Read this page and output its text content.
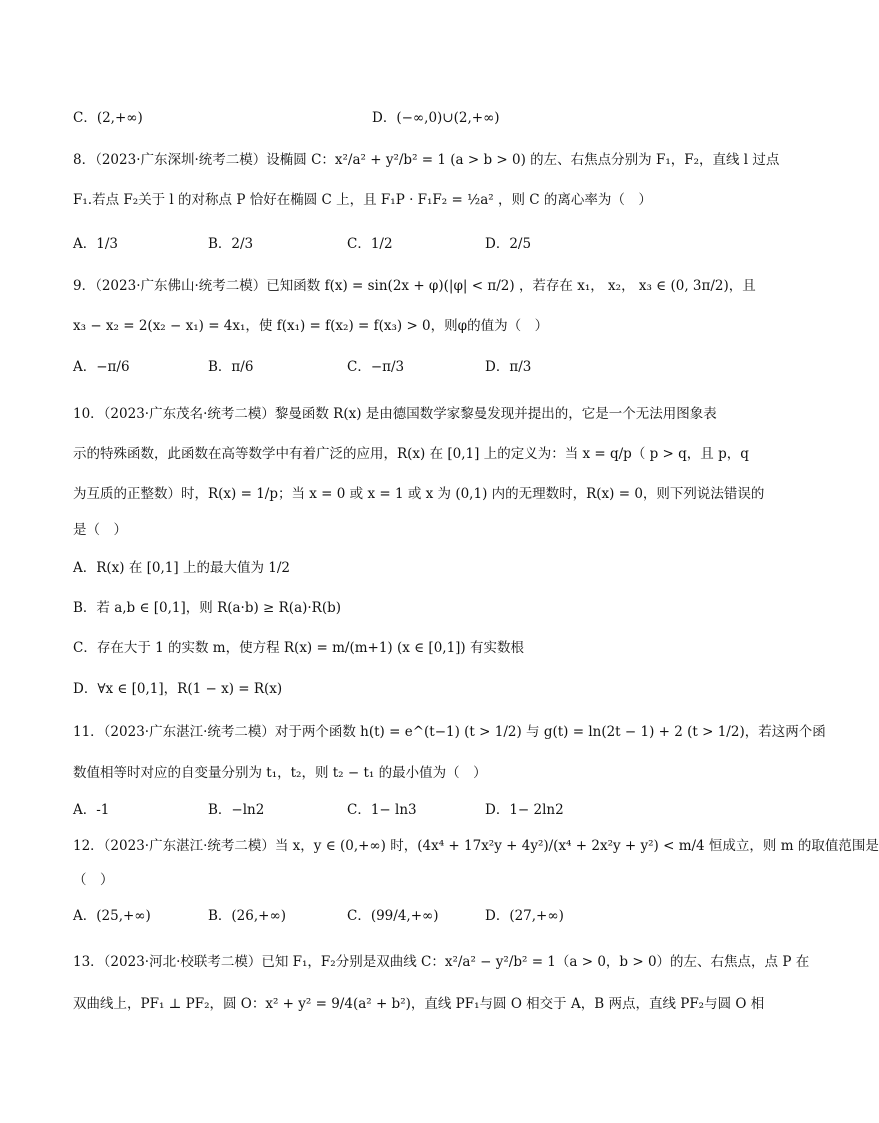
C．(2,+∞)	D．(−∞,0)∪(2,+∞)
8．（2023·广东深圳·统考二模）设椭圆 C：x²/a² + y²/b² = 1 (a > b > 0) 的左、右焦点分别为 F₁，F₂，直线 l 过点
F₁.若点 F₂关于 l 的对称点 P 恰好在椭圆 C 上，且 F₁P · F₁F₂ = ½a² ，则 C 的离心率为（　）
A．1/3	B．2/3	C．1/2	D．2/5
9．（2023·广东佛山·统考二模）已知函数 f(x) = sin(2x + φ)(|φ| < π/2) ，若存在 x₁， x₂， x₃ ∈ (0, 3π/2)，且
x₃ − x₂ = 2(x₂ − x₁) = 4x₁，使 f(x₁) = f(x₂) = f(x₃) > 0，则φ的值为（　）
A．−π/6	B．π/6	C．−π/3	D．π/3
10．（2023·广东茂名·统考二模）黎曼函数 R(x) 是由德国数学家黎曼发现并提出的，它是一个无法用图象表
示的特殊函数，此函数在高等数学中有着广泛的应用，R(x) 在 [0,1] 上的定义为：当 x = q/p（ p > q，且 p，q
为互质的正整数）时，R(x) = 1/p；当 x = 0 或 x = 1 或 x 为 (0,1) 内的无理数时，R(x) = 0，则下列说法错误的
是（　）
A．R(x) 在 [0,1] 上的最大值为 1/2
B．若 a,b ∈ [0,1]，则 R(a·b) ≥ R(a)·R(b)
C．存在大于 1 的实数 m，使方程 R(x) = m/(m+1) (x ∈ [0,1]) 有实数根
D．∀x ∈ [0,1]，R(1 − x) = R(x)
11．（2023·广东湛江·统考二模）对于两个函数 h(t) = e^(t−1) (t > 1/2) 与 g(t) = ln(2t − 1) + 2 (t > 1/2)，若这两个函
数值相等时对应的自变量分别为 t₁，t₂，则 t₂ − t₁ 的最小值为（　）
A．-1	B．−ln2	C．1− ln3	D．1− 2ln2
12．（2023·广东湛江·统考二模）当 x，y ∈ (0,+∞) 时，(4x⁴ + 17x²y + 4y²)/(x⁴ + 2x²y + y²) < m/4 恒成立，则 m 的取值范围是
（　）
A．(25,+∞)	B．(26,+∞)	C．(99/4,+∞)	D．(27,+∞)
13．（2023·河北·校联考二模）已知 F₁，F₂分别是双曲线 C：x²/a² − y²/b² = 1（a > 0，b > 0）的左、右焦点，点 P 在
双曲线上，PF₁ ⊥ PF₂，圆 O：x² + y² = 9/4(a² + b²)，直线 PF₁与圆 O 相交于 A，B 两点，直线 PF₂与圆 O 相
